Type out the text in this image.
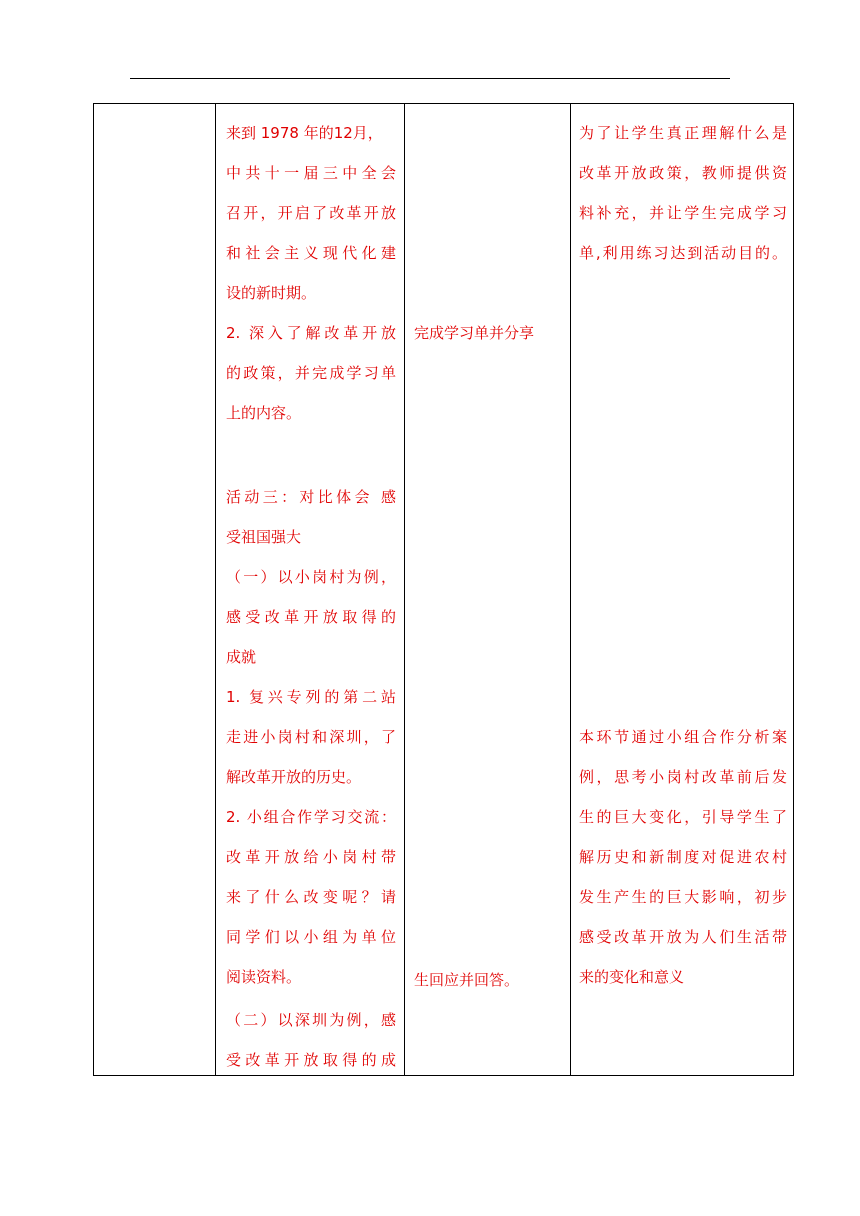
来到 1978 年的12月，
中共十一届三中全会
召开，开启了改革开放
和社会主义现代化建
设的新时期。
2. 深入了解改革开放
的政策，并完成学习单
上的内容。
活动三：对比体会 感
受祖国强大
（一）以小岗村为例，
感受改革开放取得的
成就
1. 复兴专列的第二站
走进小岗村和深圳，了
解改革开放的历史。
2. 小组合作学习交流：
改革开放给小岗村带
来了什么改变呢？请
同学们以小组为单位
阅读资料。
（二）以深圳为例，感
受改革开放取得的成
完成学习单并分享
生回应并回答。
为了让学生真正理解什么是
改革开放政策，教师提供资
料补充，并让学生完成学习
单,利用练习达到活动目的。
本环节通过小组合作分析案
例，思考小岗村改革前后发
生的巨大变化，引导学生了
解历史和新制度对促进农村
发生产生的巨大影响，初步
感受改革开放为人们生活带
来的变化和意义
